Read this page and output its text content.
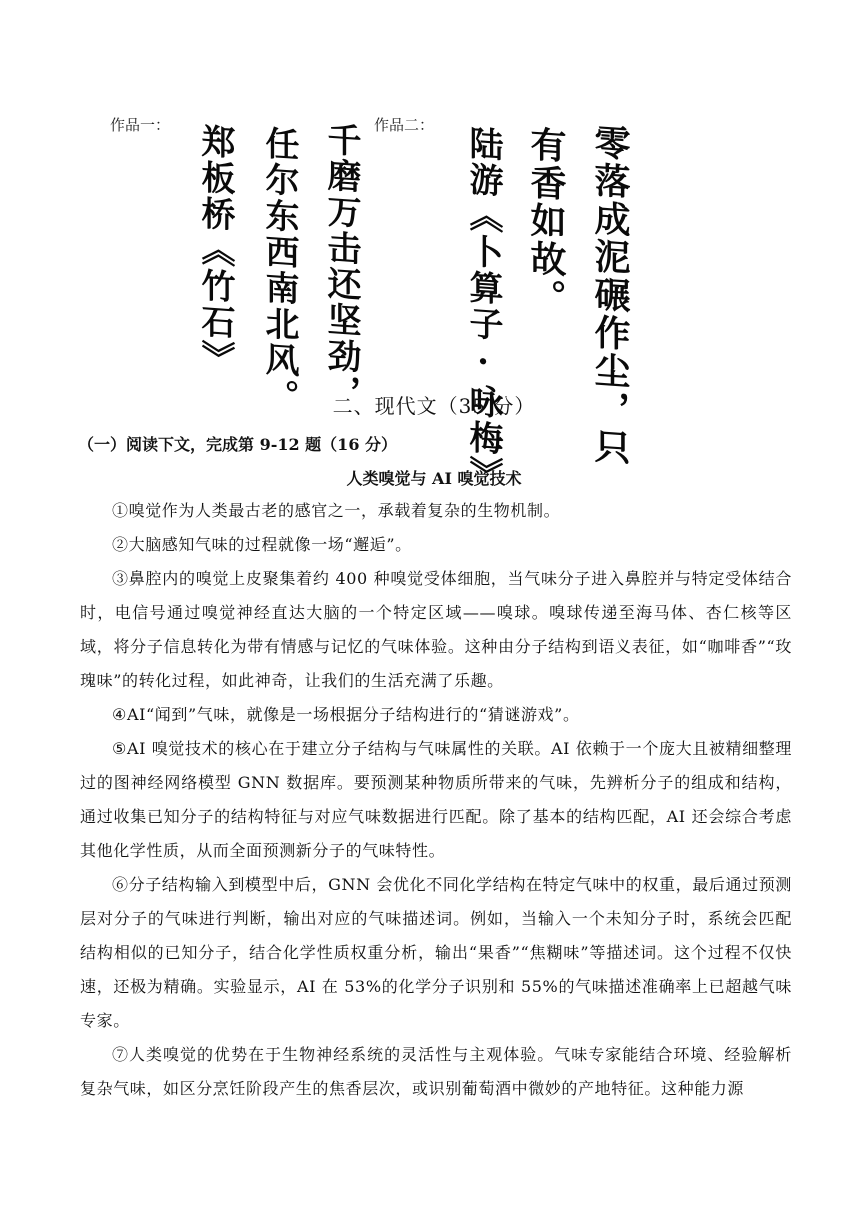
作品一：	千磨万击还坚劲，
任尔东西南北风。
郑板桥《竹石》	作品二：	零落成泥碾作尘，只
有香如故。
陆游《卜算子·咏梅》
二、现代文（35 分）
（一）阅读下文，完成第 9-12 题（16 分）
人类嗅觉与 AI 嗅觉技术

①嗅觉作为人类最古老的感官之一，承载着复杂的生物机制。

②大脑感知气味的过程就像一场“邂逅”。

③鼻腔内的嗅觉上皮聚集着约 400 种嗅觉受体细胞，当气味分子进入鼻腔并与特定受体结合时，电信号通过嗅觉神经直达大脑的一个特定区域——嗅球。嗅球传递至海马体、杏仁核等区域，将分子信息转化为带有情感与记忆的气味体验。这种由分子结构到语义表征，如“咖啡香”“玫瑰味”的转化过程，如此神奇，让我们的生活充满了乐趣。

④AI“闻到”气味，就像是一场根据分子结构进行的“猜谜游戏”。

⑤AI 嗅觉技术的核心在于建立分子结构与气味属性的关联。AI 依赖于一个庞大且被精细整理过的图神经网络模型 GNN 数据库。要预测某种物质所带来的气味，先辨析分子的组成和结构，通过收集已知分子的结构特征与对应气味数据进行匹配。除了基本的结构匹配，AI 还会综合考虑其他化学性质，从而全面预测新分子的气味特性。

⑥分子结构输入到模型中后，GNN 会优化不同化学结构在特定气味中的权重，最后通过预测层对分子的气味进行判断，输出对应的气味描述词。例如，当输入一个未知分子时，系统会匹配结构相似的已知分子，结合化学性质权重分析，输出“果香”“焦糊味”等描述词。这个过程不仅快速，还极为精确。实验显示，AI 在 53%的化学分子识别和 55%的气味描述准确率上已超越气味专家。

⑦人类嗅觉的优势在于生物神经系统的灵活性与主观体验。气味专家能结合环境、经验解析复杂气味，如区分烹饪阶段产生的焦香层次，或识别葡萄酒中微妙的产地特征。这种能力源
